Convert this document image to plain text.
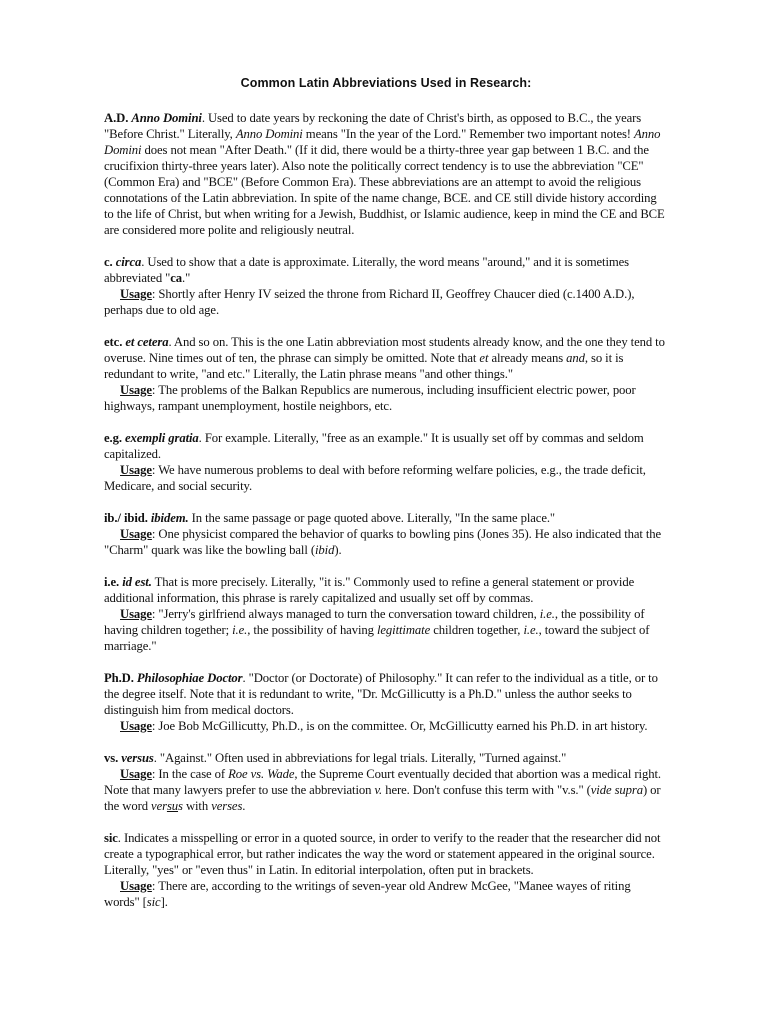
Common Latin Abbreviations Used in Research:

A.D. Anno Domini. Used to date years by reckoning the date of Christ's birth, as opposed to B.C., the years "Before Christ." Literally, Anno Domini means "In the year of the Lord." Remember two important notes! Anno Domini does not mean "After Death." (If it did, there would be a thirty-three year gap between 1 B.C. and the crucifixion thirty-three years later). Also note the politically correct tendency is to use the abbreviation "CE" (Common Era) and "BCE" (Before Common Era). These abbreviations are an attempt to avoid the religious connotations of the Latin abbreviation. In spite of the name change, BCE. and CE still divide history according to the life of Christ, but when writing for a Jewish, Buddhist, or Islamic audience, keep in mind the CE and BCE are considered more polite and religiously neutral.

c. circa. Used to show that a date is approximate. Literally, the word means "around," and it is sometimes abbreviated "ca."

Usage: Shortly after Henry IV seized the throne from Richard II, Geoffrey Chaucer died (c.1400 A.D.), perhaps due to old age.

etc. et cetera. And so on. This is the one Latin abbreviation most students already know, and the one they tend to overuse. Nine times out of ten, the phrase can simply be omitted. Note that et already means and, so it is redundant to write, "and etc." Literally, the Latin phrase means "and other things."

Usage: The problems of the Balkan Republics are numerous, including insufficient electric power, poor highways, rampant unemployment, hostile neighbors, etc.

e.g. exempli gratia. For example. Literally, "free as an example." It is usually set off by commas and seldom capitalized.

Usage: We have numerous problems to deal with before reforming welfare policies, e.g., the trade deficit, Medicare, and social security.

ib./ ibid. ibidem. In the same passage or page quoted above. Literally, "In the same place."

Usage: One physicist compared the behavior of quarks to bowling pins (Jones 35). He also indicated that the "Charm" quark was like the bowling ball (ibid).

i.e. id est. That is more precisely. Literally, "it is." Commonly used to refine a general statement or provide additional information, this phrase is rarely capitalized and usually set off by commas.

Usage: "Jerry's girlfriend always managed to turn the conversation toward children, i.e., the possibility of having children together; i.e., the possibility of having legittimate children together, i.e., toward the subject of marriage."

Ph.D. Philosophiae Doctor. "Doctor (or Doctorate) of Philosophy." It can refer to the individual as a title, or to the degree itself. Note that it is redundant to write, "Dr. McGillicutty is a Ph.D." unless the author seeks to distinguish him from medical doctors.

Usage: Joe Bob McGillicutty, Ph.D., is on the committee. Or, McGillicutty earned his Ph.D. in art history.

vs. versus. "Against." Often used in abbreviations for legal trials. Literally, "Turned against."

Usage: In the case of Roe vs. Wade, the Supreme Court eventually decided that abortion was a medical right. Note that many lawyers prefer to use the abbreviation v. here. Don't confuse this term with "v.s." (vide supra) or the word versus with verses.

sic. Indicates a misspelling or error in a quoted source, in order to verify to the reader that the researcher did not create a typographical error, but rather indicates the way the word or statement appeared in the original source. Literally, "yes" or "even thus" in Latin. In editorial interpolation, often put in brackets.

Usage: There are, according to the writings of seven-year old Andrew McGee, "Manee wayes of riting words" [sic].
